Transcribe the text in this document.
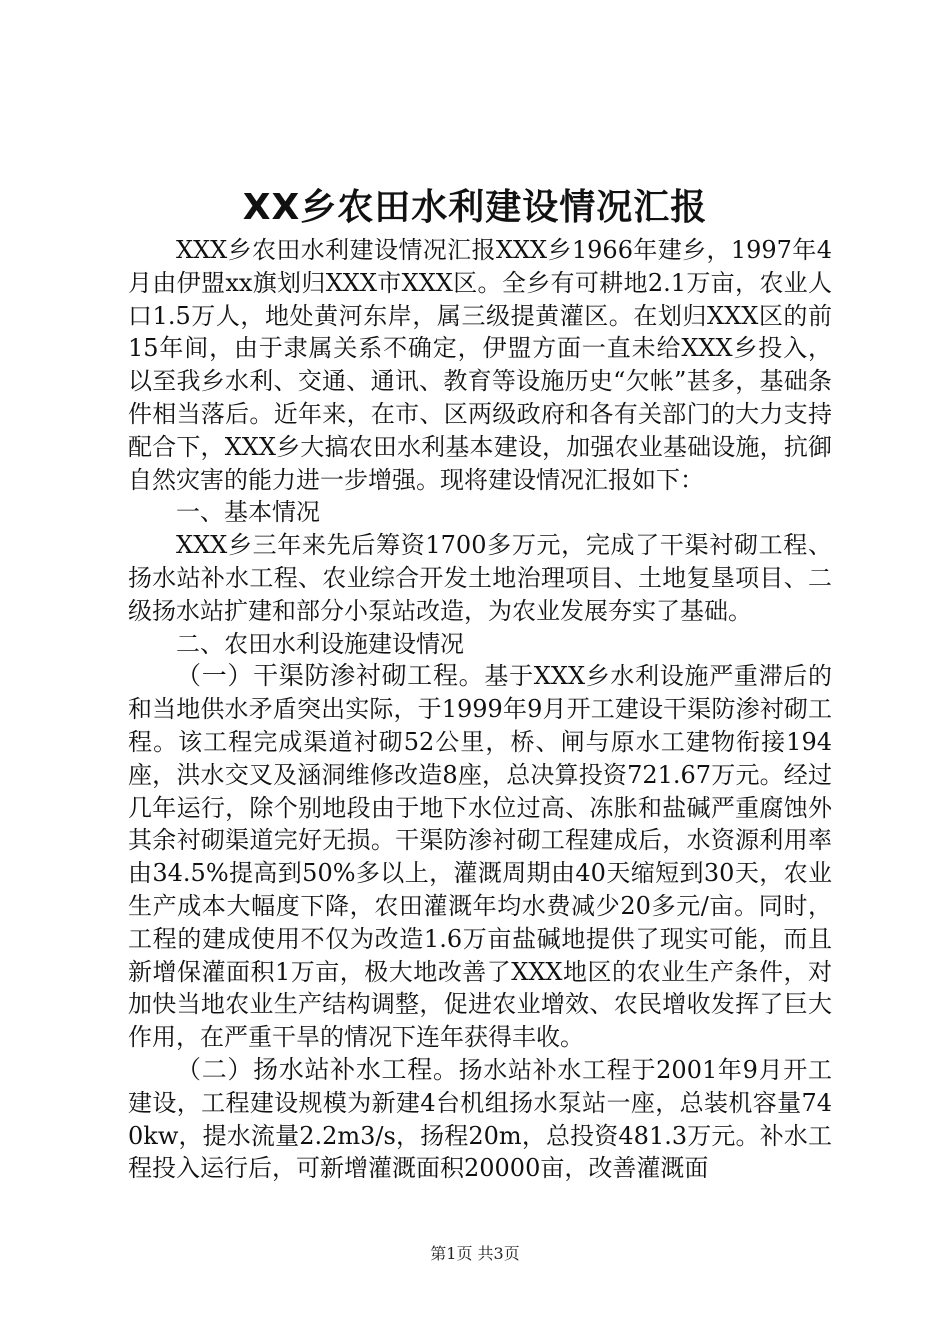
XX乡农田水利建设情况汇报

XXX乡农田水利建设情况汇报XXX乡1966年建乡，1997年4月由伊盟xx旗划归XXX市XXX区。全乡有可耕地2.1万亩，农业人口1.5万人，地处黄河东岸，属三级提黄灌区。在划归XXX区的前15年间，由于隶属关系不确定，伊盟方面一直未给XXX乡投入，以至我乡水利、交通、通讯、教育等设施历史“欠帐”甚多，基础条件相当落后。近年来，在市、区两级政府和各有关部门的大力支持配合下，XXX乡大搞农田水利基本建设，加强农业基础设施，抗御自然灾害的能力进一步增强。现将建设情况汇报如下：

一、基本情况

XXX乡三年来先后筹资1700多万元，完成了干渠衬砌工程、扬水站补水工程、农业综合开发土地治理项目、土地复垦项目、二级扬水站扩建和部分小泵站改造，为农业发展夯实了基础。

二、农田水利设施建设情况

（一）干渠防渗衬砌工程。基于XXX乡水利设施严重滞后的和当地供水矛盾突出实际，于1999年9月开工建设干渠防渗衬砌工程。该工程完成渠道衬砌52公里，桥、闸与原水工建物衔接194座，洪水交叉及涵洞维修改造8座，总决算投资721.67万元。经过几年运行，除个别地段由于地下水位过高、冻胀和盐碱严重腐蚀外其余衬砌渠道完好无损。干渠防渗衬砌工程建成后，水资源利用率由34.5%提高到50%多以上，灌溉周期由40天缩短到30天，农业生产成本大幅度下降，农田灌溉年均水费减少20多元/亩。同时，工程的建成使用不仅为改造1.6万亩盐碱地提供了现实可能，而且新增保灌面积1万亩，极大地改善了XXX地区的农业生产条件，对加快当地农业生产结构调整，促进农业增效、农民增收发挥了巨大作用，在严重干旱的情况下连年获得丰收。

（二）扬水站补水工程。扬水站补水工程于2001年9月开工建设，工程建设规模为新建4台机组扬水泵站一座，总装机容量740kw，提水流量2.2m3/s，扬程20m，总投资481.3万元。补水工程投入运行后，可新增灌溉面积20000亩，改善灌溉面

第1页 共3页
